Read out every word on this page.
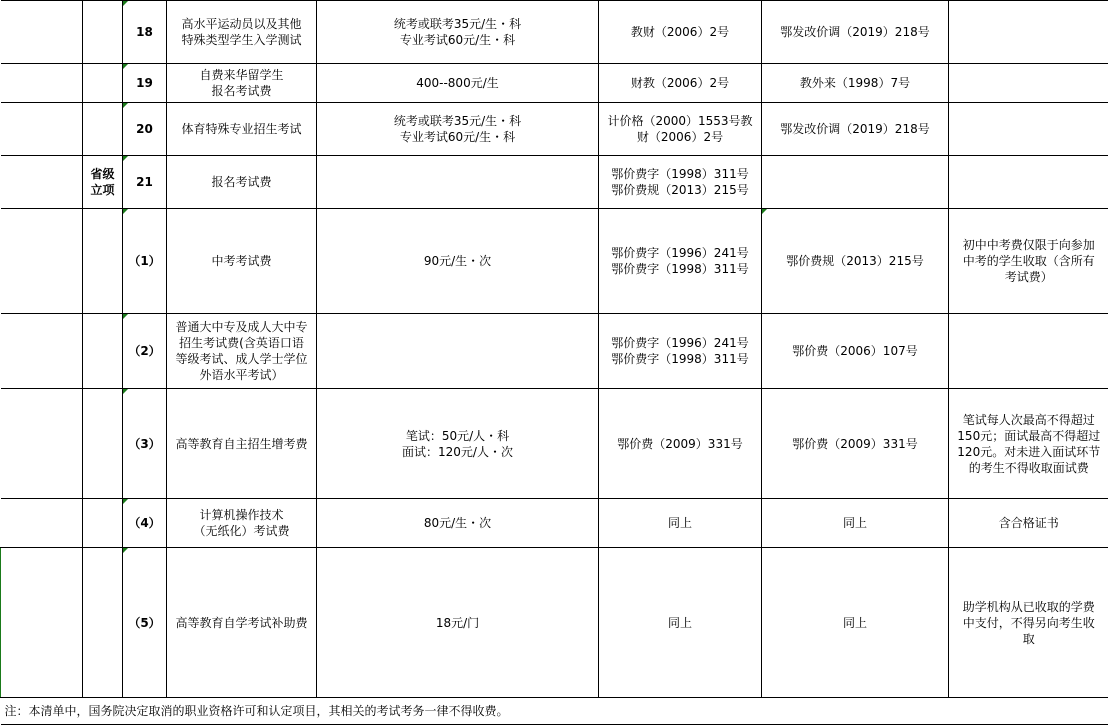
		18	高水平运动员以及其他
特殊类型学生入学测试	统考或联考35元/生・科
专业考试60元/生・科	教财（2006）2号	鄂发改价调（2019）218号	
		19	自费来华留学生
报名考试费	400--800元/生	财教（2006）2号	教外来（1998）7号	
		20	体育特殊专业招生考试	统考或联考35元/生・科
专业考试60元/生・科	计价格（2000）1553号教
财（2006）2号	鄂发改价调（2019）218号	
	省级
立项	21	报名考试费		鄂价费字（1998）311号
鄂价费规（2013）215号		
		（1）	中考考试费	90元/生・次	鄂价费字（1996）241号
鄂价费字（1998）311号	鄂价费规（2013）215号	初中中考费仅限于向参加
中考的学生收取（含所有
考试费）
		（2）	普通大中专及成人大中专
招生考试费(含英语口语
等级考试、成人学士学位
外语水平考试）		鄂价费字（1996）241号
鄂价费字（1998）311号	鄂价费（2006）107号	
		（3）	高等教育自主招生增考费	笔试：50元/人・科
面试：120元/人・次	鄂价费（2009）331号	鄂价费（2009）331号	笔试每人次最高不得超过
150元；面试最高不得超过
120元。对未进入面试环节
的考生不得收取面试费
		（4）	计算机操作技术
（无纸化）考试费	80元/生・次	同上	同上	含合格证书
		（5）	高等教育自学考试补助费	18元/门	同上	同上	助学机构从已收取的学费
中支付，不得另向考生收
取
注：本清单中，国务院决定取消的职业资格许可和认定项目，其相关的考试考务一律不得收费。							
